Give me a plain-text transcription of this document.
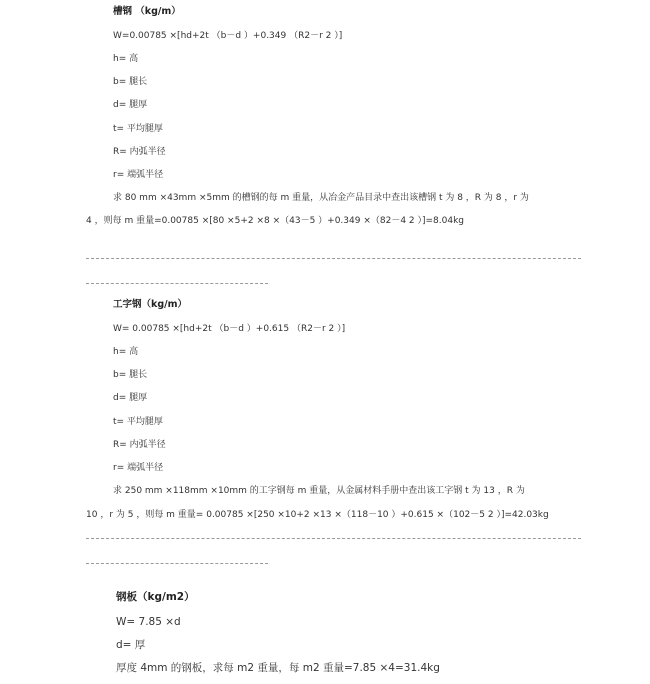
槽钢 （kg/m）
W=0.00785 ×[hd+2t （b－d ）+0.349 （R2－r 2 ）]
h= 高
b= 腿长
d= 腿厚
t= 平均腿厚
R= 内弧半径
r= 端弧半径
求 80 mm ×43mm ×5mm 的槽钢的每 m 重量，从冶金产品目录中查出该槽钢 t 为 8 ，R 为 8 ，r 为
4 ，则每 m 重量=0.00785 ×[80 ×5+2 ×8 ×（43－5 ）+0.349 ×（82－4 2 ）]=8.04kg
工字钢（kg/m）
W= 0.00785 ×[hd+2t （b－d ）+0.615 （R2－r 2 ）]
h= 高
b= 腿长
d= 腿厚
t= 平均腿厚
R= 内弧半径
r= 端弧半径
求 250 mm ×118mm ×10mm 的工字钢每 m 重量，从金属材料手册中查出该工字钢 t 为 13 ，R 为
10 ，r 为 5 ，则每 m 重量= 0.00785 ×[250 ×10+2 ×13 ×（118－10 ）+0.615 ×（102－5 2 ）]=42.03kg
钢板（kg/m2）
W= 7.85 ×d
d= 厚
厚度 4mm 的钢板，求每 m2 重量，每 m2 重量=7.85 ×4=31.4kg
